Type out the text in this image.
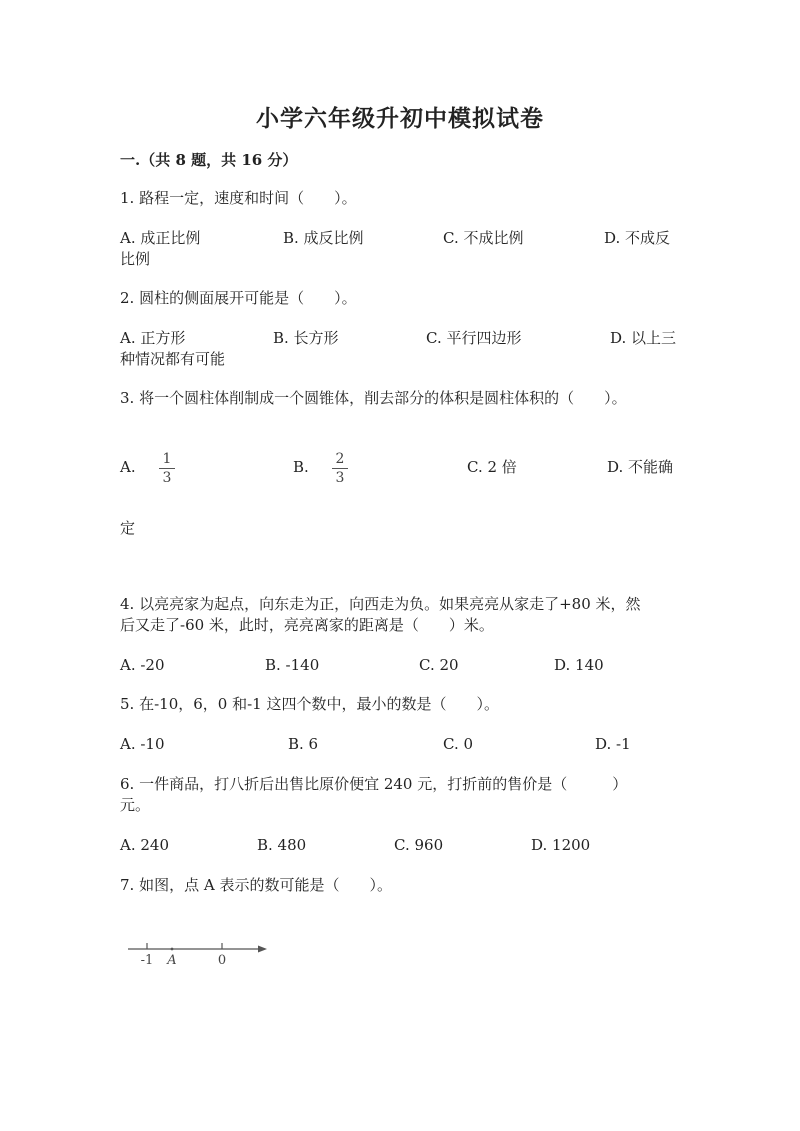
小学六年级升初中模拟试卷
一.（共 8 题，共 16 分）
1. 路程一定，速度和时间（　　）。
A. 成正比例	B. 成反比例	C. 不成比例	D. 不成反
比例
2. 圆柱的侧面展开可能是（　　）。
A. 正方形	B. 长方形	C. 平行四边形	D. 以上三
种情况都有可能
3. 将一个圆柱体削制成一个圆锥体，削去部分的体积是圆柱体积的（　　）。
A.	1
3
B.	2
3
C. 2 倍	D. 不能确
定
4. 以亮亮家为起点，向东走为正，向西走为负。如果亮亮从家走了+80 米，然
后又走了-60 米，此时，亮亮离家的距离是（　　）米。
A. -20	B. -140	C. 20	D. 140
5. 在-10，6，0 和-1 这四个数中，最小的数是（　　）。
A. -10	B. 6	C. 0	D. -1
6. 一件商品，打八折后出售比原价便宜 240 元，打折前的售价是（　　　）
元。
A. 240	B. 480	C. 960	D. 1200
7. 如图，点 A 表示的数可能是（　　）。
-1 A	0
